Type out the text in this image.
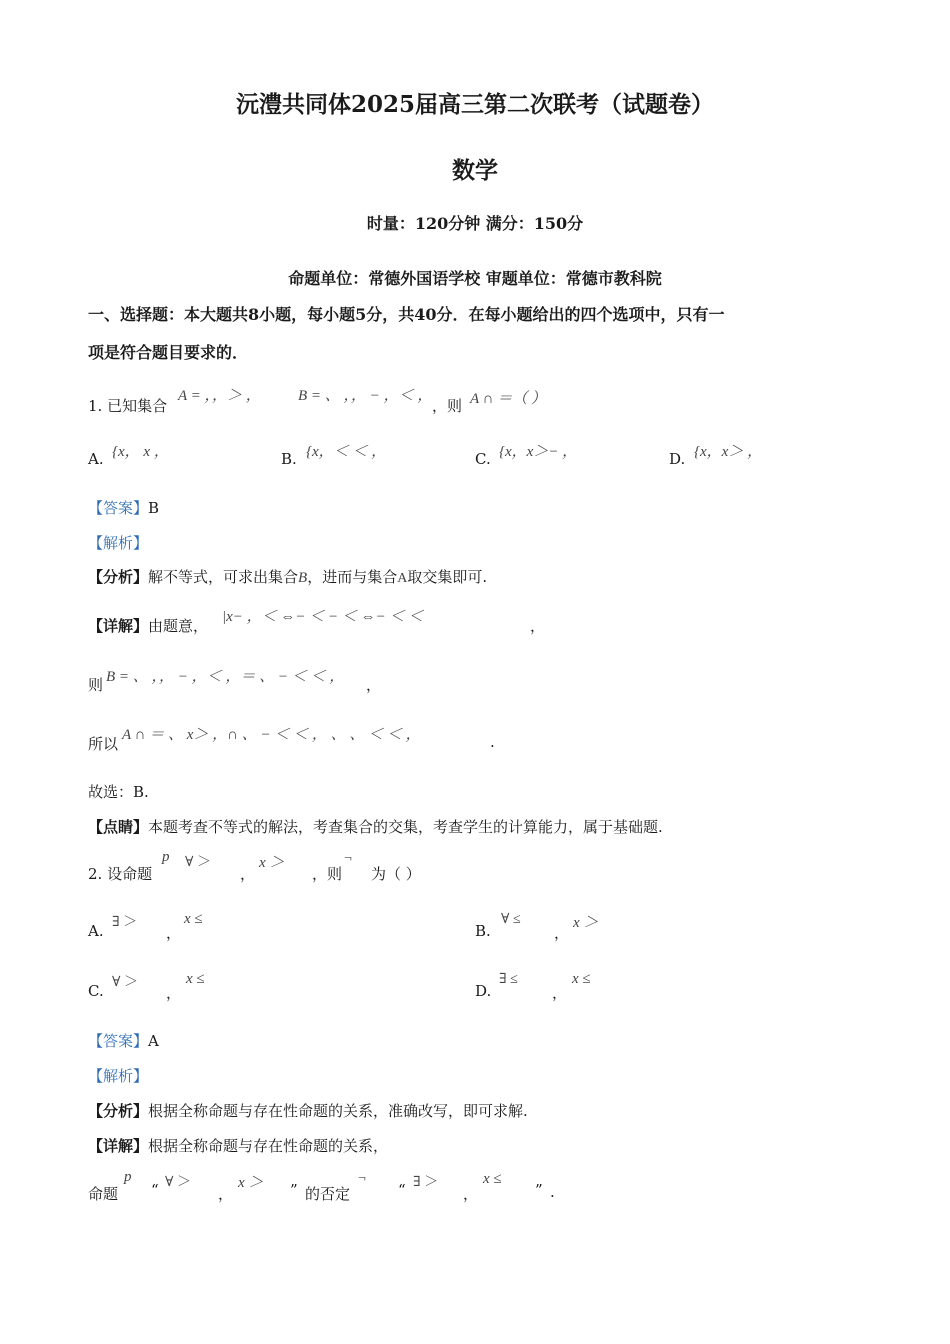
沅澧共同体2025届高三第二次联考（试题卷）
数学
时量：120分钟 满分：150分
命题单位：常德外国语学校 审题单位：常德市教科院
一、选择题：本大题共8小题，每小题5分，共40分．在每小题给出的四个选项中，只有一
项是符合题目要求的．
1. 已知集合
A = ，，＞ ， B = 、 ，， − ，＜ ，
，则 A ∩ ＝（ ）
A. {x， x ，	B. {x，＜ ＜ ，	C. {x，x＞− ，	D. {x，x＞ ，
【答案】B
【解析】
【分析】解不等式，可求出集合B，进而与集合A取交集即可.
【详解】由题意， |x− ，＜ ⇔− ＜ − ＜ ⇔− ＜ ＜	，
则 B = 、 ，， − ，＜ ，＝ 、 − ＜ ＜ ， ，
所以 A ∩ ＝ 、 x＞ ，∩ 、 − ＜ ＜ ， 、 、 ＜ ＜ ，	.
故选：B.
【点睛】本题考查不等式的解法，考查集合的交集，考查学生的计算能力，属于基础题.
2. 设命题
p ∀ ＞
，
x ＞
，则
¬
为（ ）
A. ∃ ＞
，
x ≤
B.
∀ ≤
，
x ＞
C. ∀ ＞
，
x ≤
D.
∃ ≤
，
x ≤
【答案】A
【解析】
【分析】根据全称命题与存在性命题的关系，准确改写，即可求解.
【详解】根据全称命题与存在性命题的关系，
命题
p
“ ∀ ＞
，
x ＞ ” 的否定
¬
“ ∃ ＞
，
x ≤
” .
